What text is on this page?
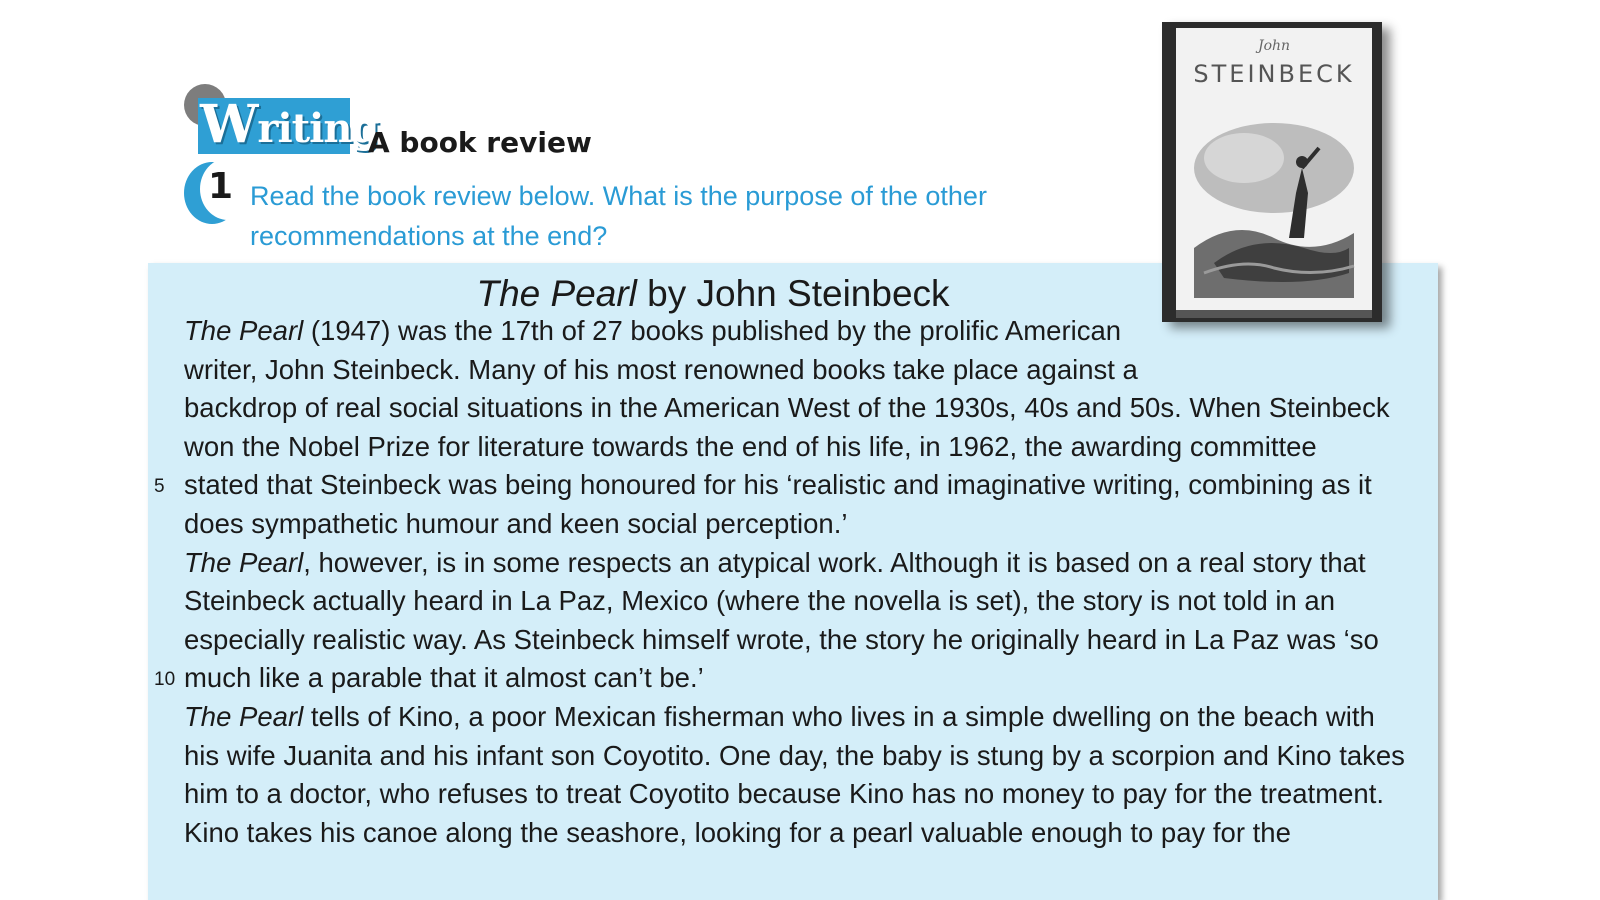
Writing
A book review
1 Read the book review below. What is the purpose of the other
recommendations at the end?
The Pearl by John Steinbeck
The Pearl (1947) was the 17th of 27 books published by the prolific American
writer, John Steinbeck. Many of his most renowned books take place against a
backdrop of real social situations in the American West of the 1930s, 40s and 50s. When Steinbeck
won the Nobel Prize for literature towards the end of his life, in 1962, the awarding committee
stated that Steinbeck was being honoured for his ‘realistic and imaginative writing, combining as it
5
does sympathetic humour and keen social perception.’
The Pearl, however, is in some respects an atypical work. Although it is based on a real story that
Steinbeck actually heard in La Paz, Mexico (where the novella is set), the story is not told in an
especially realistic way. As Steinbeck himself wrote, the story he originally heard in La Paz was ‘so
much like a parable that it almost can’t be.’
10
The Pearl tells of Kino, a poor Mexican fisherman who lives in a simple dwelling on the beach with
his wife Juanita and his infant son Coyotito. One day, the baby is stung by a scorpion and Kino takes
him to a doctor, who refuses to treat Coyotito because Kino has no money to pay for the treatment.
Kino takes his canoe along the seashore, looking for a pearl valuable enough to pay for the
John
STEINBECK
